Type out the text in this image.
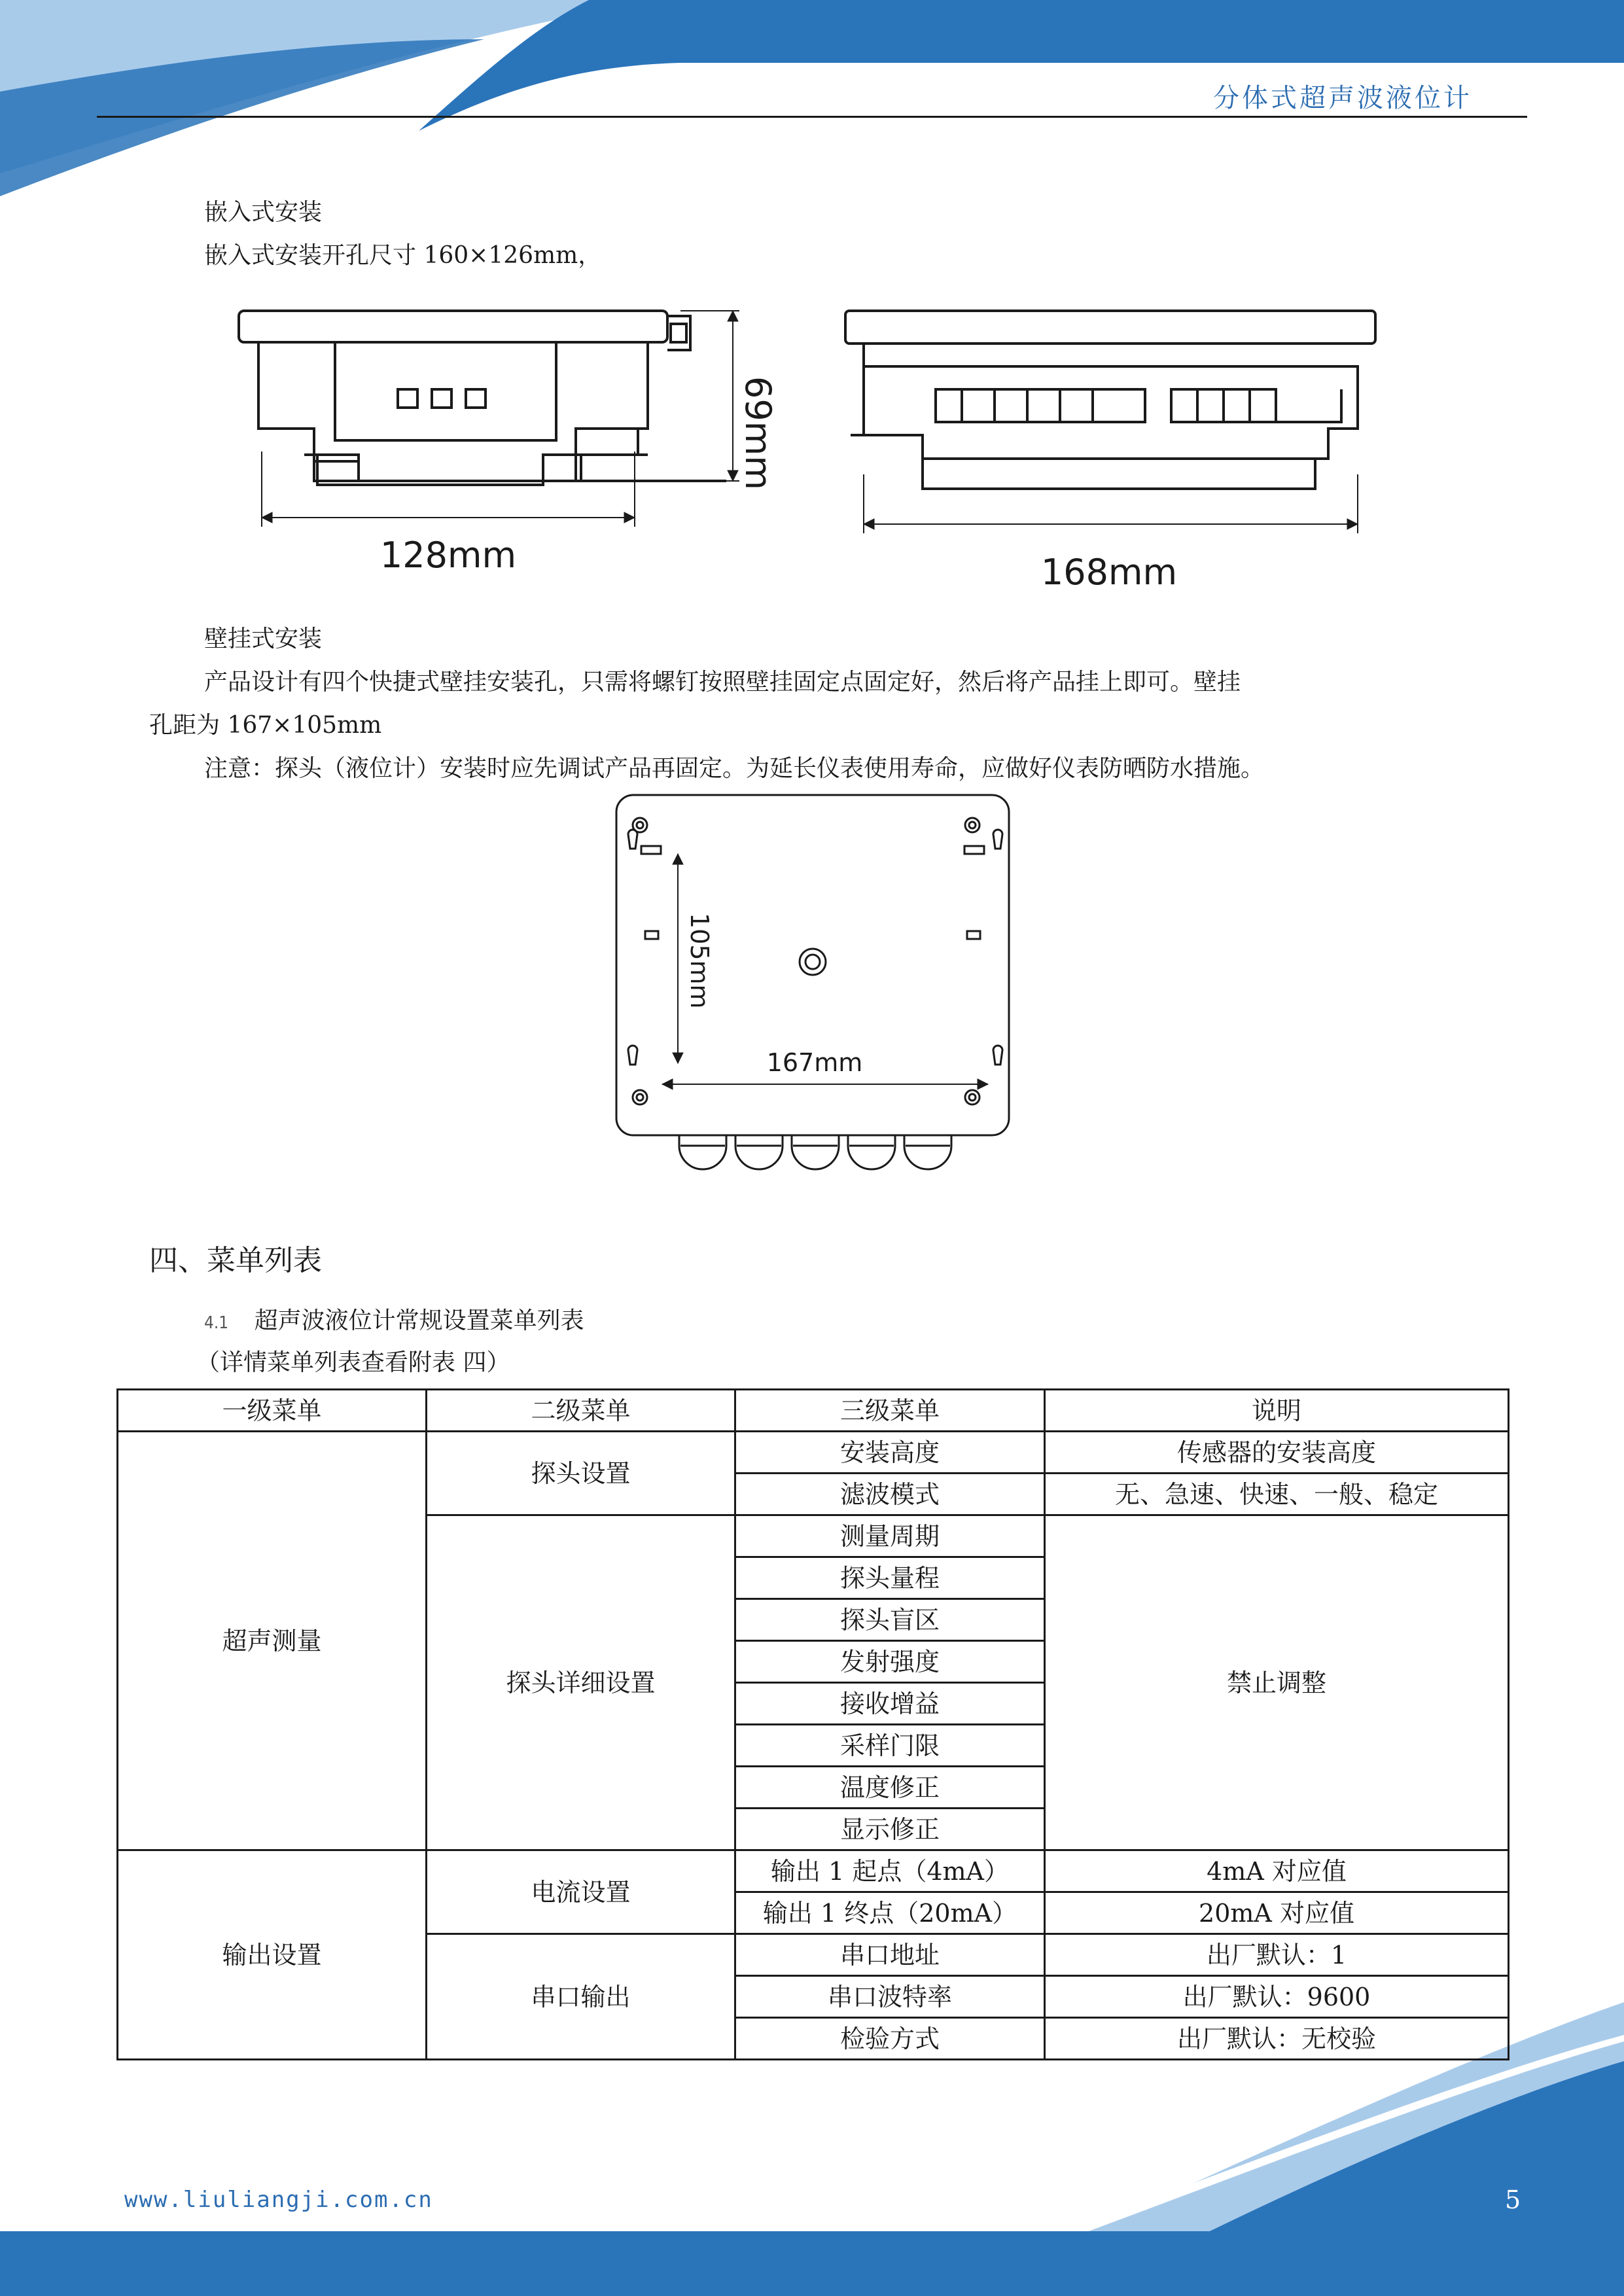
分体式超声波液位计
嵌入式安装
嵌入式安装开孔尺寸 160×126mm，
69mm
128mm	168mm
壁挂式安装
产品设计有四个快捷式壁挂安装孔，只需将螺钉按照壁挂固定点固定好，然后将产品挂上即可。壁挂
孔距为 167×105mm
注意：探头（液位计）安装时应先调试产品再固定。为延长仪表使用寿命，应做好仪表防晒防水措施。
105mm
167mm
四、菜单列表
4.1 超声波液位计常规设置菜单列表
（详情菜单列表查看附表 四）
一级菜单	二级菜单	三级菜单	说明
超声测量	探头设置	安装高度	传感器的安装高度
		滤波模式	无、急速、快速、一般、稳定
	探头详细设置	测量周期	禁止调整
		探头量程	
		探头盲区	
		发射强度	
		接收增益	
		采样门限	
		温度修正	
		显示修正	
输出设置	电流设置	输出 1 起点（4mA）	4mA 对应值
		输出 1 终点（20mA）	20mA 对应值
	串口输出	串口地址	出厂默认：1
		串口波特率	出厂默认：9600
		检验方式	出厂默认：无校验
www.liuliangji.com.cn	5
